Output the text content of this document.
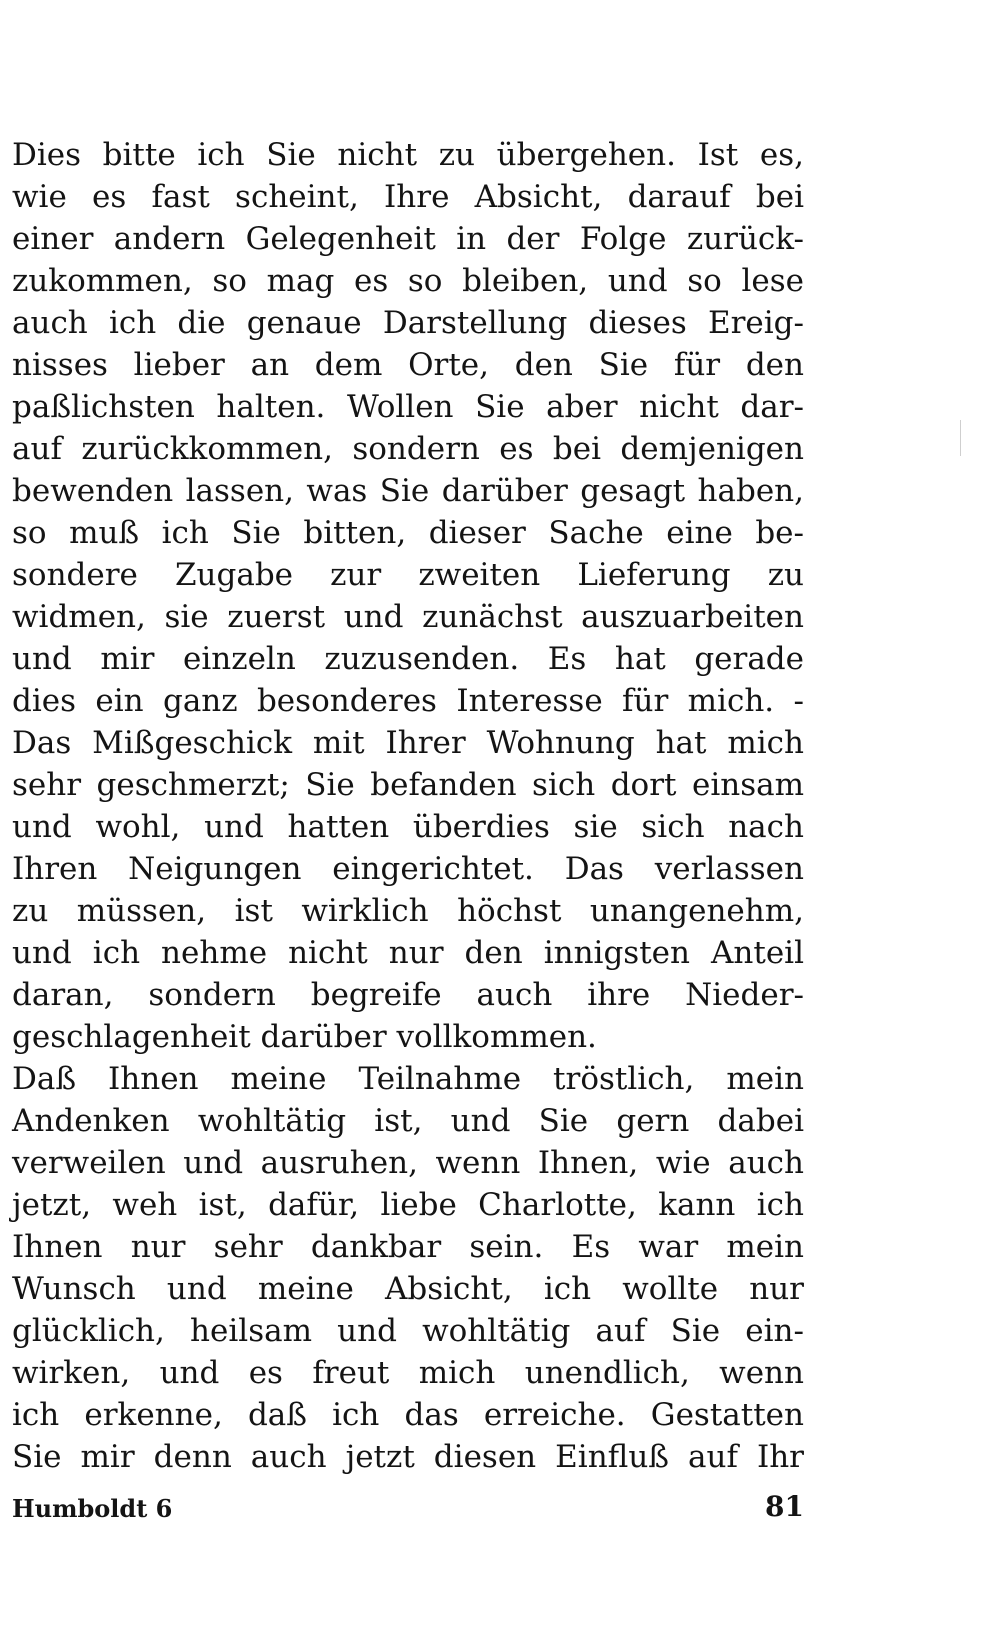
Dies bitte ich Sie nicht zu übergehen. Ist es,
wie es fast scheint, Ihre Absicht, darauf bei
einer andern Gelegenheit in der Folge zurück-
zukommen, so mag es so bleiben, und so lese
auch ich die genaue Darstellung dieses Ereig-
nisses lieber an dem Orte, den Sie für den
paßlichsten halten. Wollen Sie aber nicht dar-
auf zurückkommen, sondern es bei demjenigen
bewenden lassen, was Sie darüber gesagt haben,
so muß ich Sie bitten, dieser Sache eine be-
sondere Zugabe zur zweiten Lieferung zu
widmen, sie zuerst und zunächst auszuarbeiten
und mir einzeln zuzusenden. Es hat gerade
dies ein ganz besonderes Interesse für mich. -
Das Mißgeschick mit Ihrer Wohnung hat mich
sehr geschmerzt; Sie befanden sich dort einsam
und wohl, und hatten überdies sie sich nach
Ihren Neigungen eingerichtet. Das verlassen
zu müssen, ist wirklich höchst unangenehm,
und ich nehme nicht nur den innigsten Anteil
daran, sondern begreife auch ihre Nieder-
geschlagenheit darüber vollkommen.
Daß Ihnen meine Teilnahme tröstlich, mein
Andenken wohltätig ist, und Sie gern dabei
verweilen und ausruhen, wenn Ihnen, wie auch
jetzt, weh ist, dafür, liebe Charlotte, kann ich
Ihnen nur sehr dankbar sein. Es war mein
Wunsch und meine Absicht, ich wollte nur
glücklich, heilsam und wohltätig auf Sie ein-
wirken, und es freut mich unendlich, wenn
ich erkenne, daß ich das erreiche. Gestatten
Sie mir denn auch jetzt diesen Einfluß auf Ihr
Humboldt 6	81
